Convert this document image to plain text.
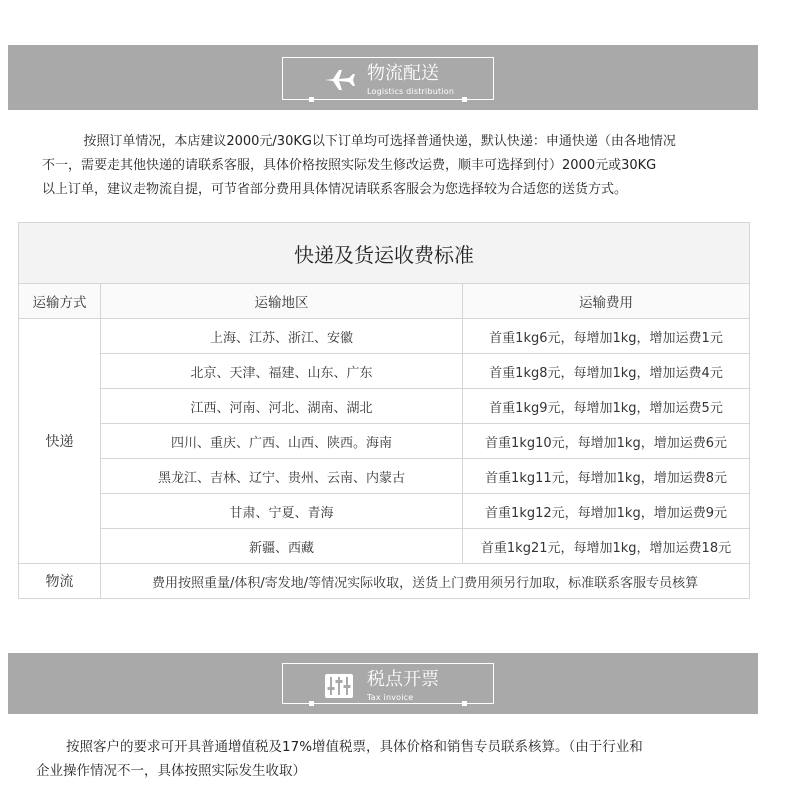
物流配送
Logistics distribution

按照订单情况，本店建议2000元/30KG以下订单均可选择普通快递，默认快递：申通快递（由各地情况

不一，需要走其他快递的请联系客服，具体价格按照实际发生修改运费，顺丰可选择到付）2000元或30KG

以上订单，建议走物流自提，可节省部分费用具体情况请联系客服会为您选择较为合适您的送货方式。

快递及货运收费标准		
运输方式	运输地区	运输费用
快递	上海、江苏、浙江、安徽	首重1kg6元，每增加1kg，增加运费1元
	北京、天津、福建、山东、广东	首重1kg8元，每增加1kg，增加运费4元
	江西、河南、河北、湖南、湖北	首重1kg9元，每增加1kg，增加运费5元
	四川、重庆、广西、山西、陕西。海南	首重1kg10元，每增加1kg，增加运费6元
	黑龙江、吉林、辽宁、贵州、云南、内蒙古	首重1kg11元，每增加1kg，增加运费8元
	甘肃、宁夏、青海	首重1kg12元，每增加1kg，增加运费9元
	新疆、西藏	首重1kg21元，每增加1kg，增加运费18元
物流	费用按照重量/体积/寄发地/等情况实际收取，送货上门费用须另行加取，标准联系客服专员核算	
税点开票
Tax invoice

按照客户的要求可开具普通增值税及17%增值税票，具体价格和销售专员联系核算。（由于行业和

企业操作情况不一，具体按照实际发生收取）
